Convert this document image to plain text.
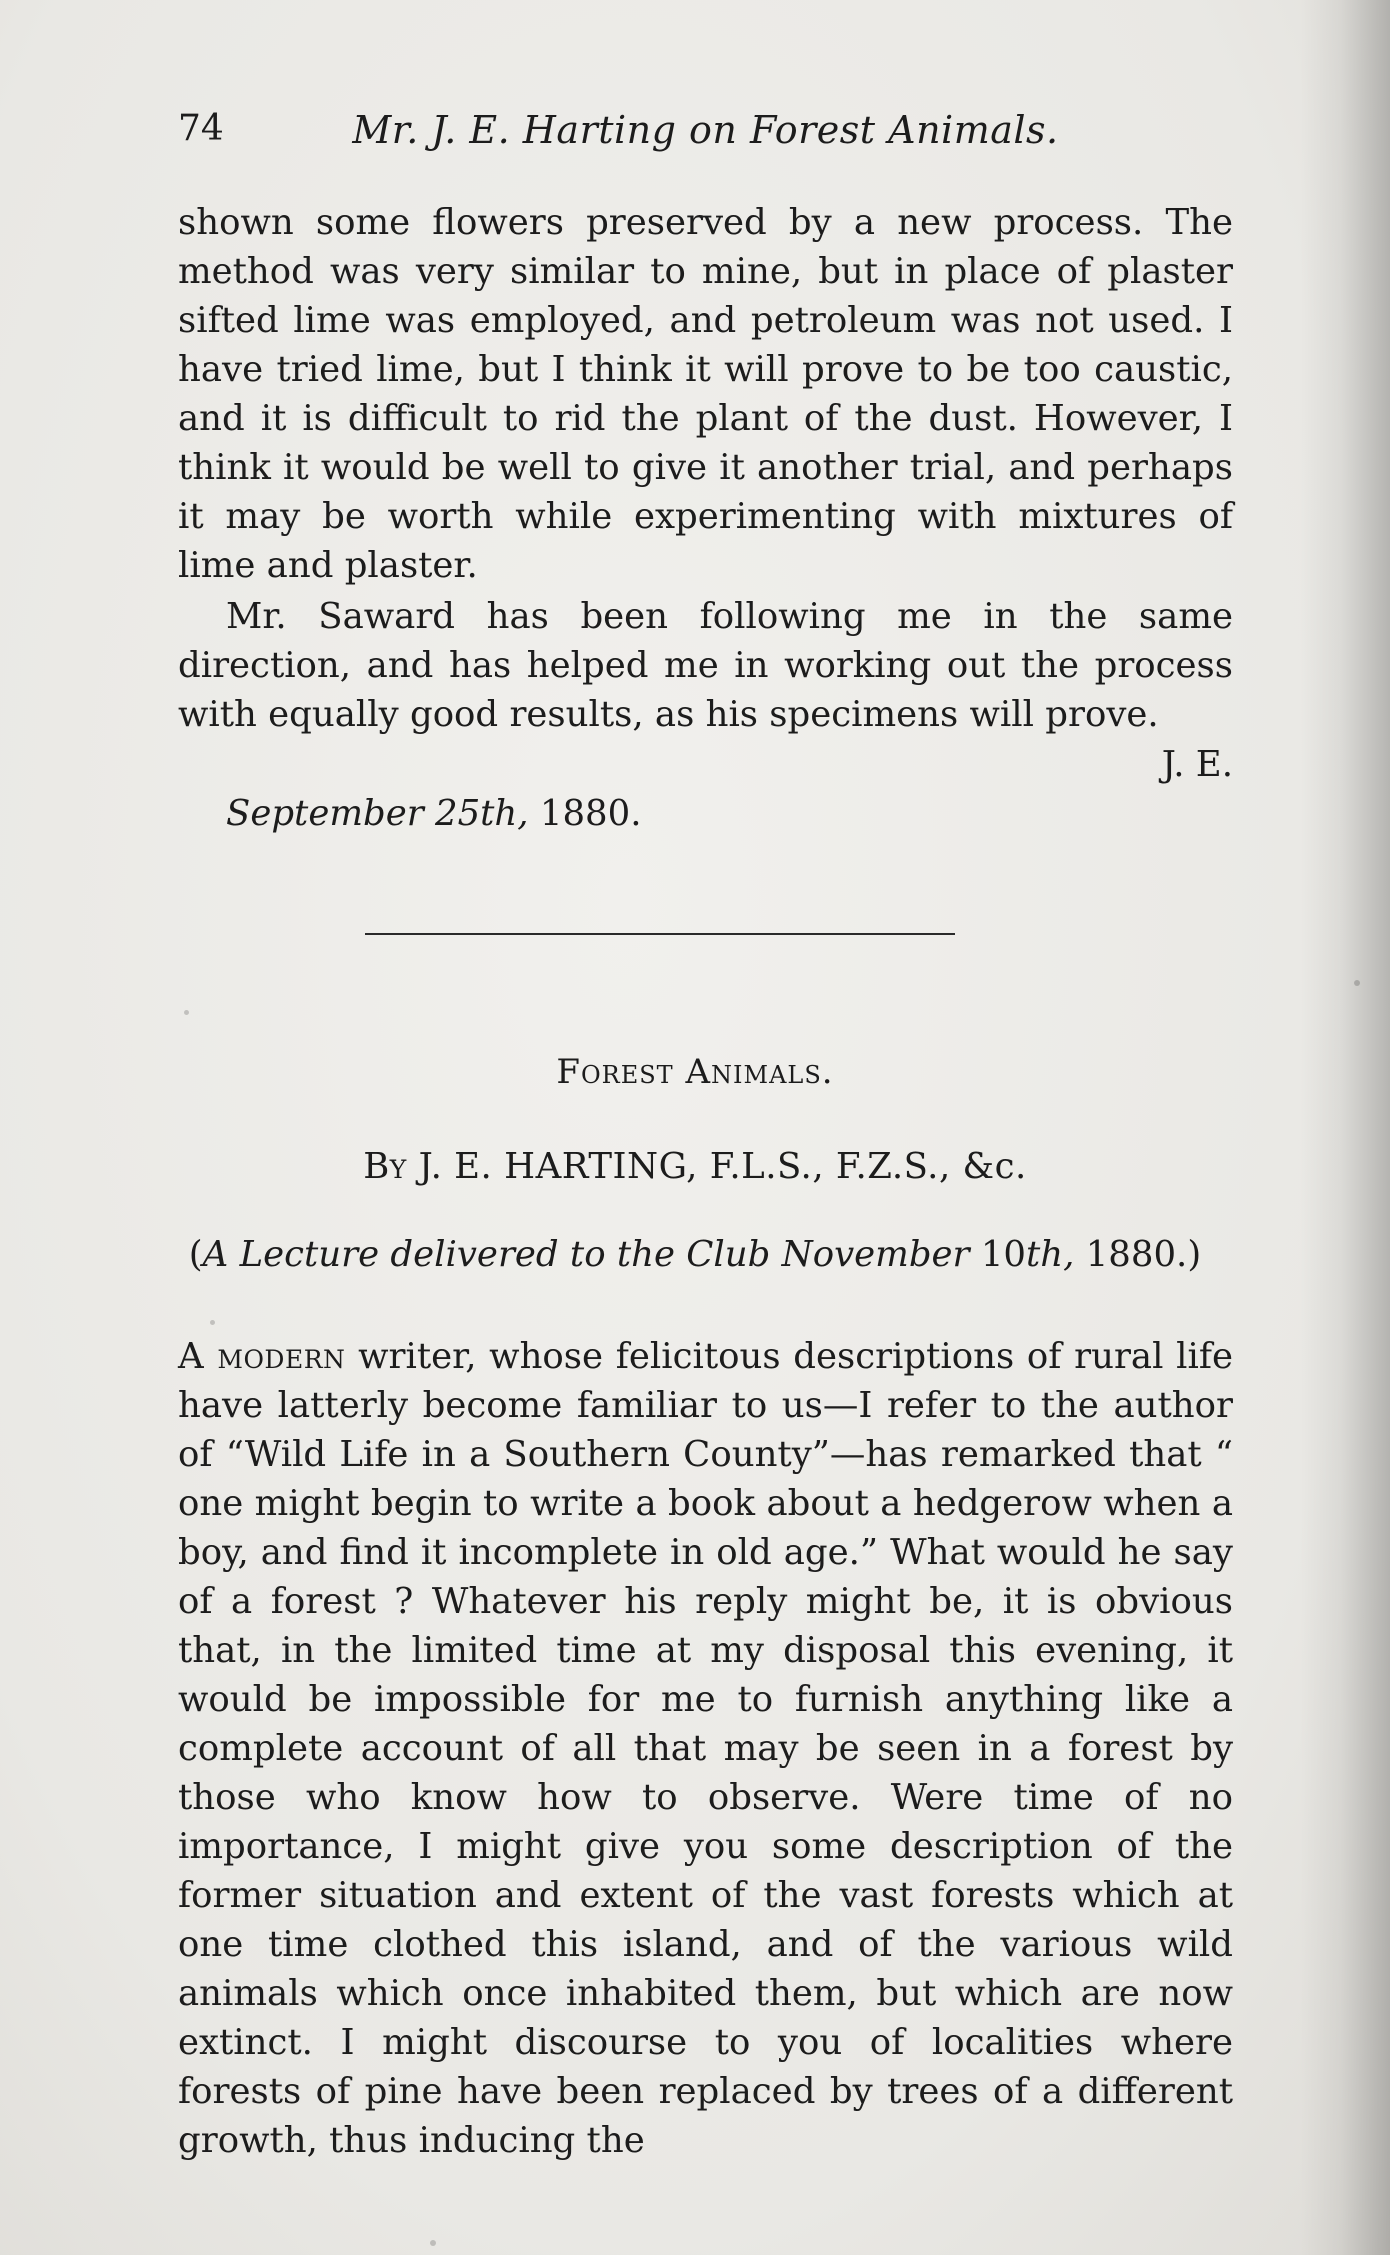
74	Mr. J. E. Harting on Forest Animals.

shown some flowers preserved by a new process. The method was very similar to mine, but in place of plaster sifted lime was employed, and petroleum was not used. I have tried lime, but I think it will prove to be too caustic, and it is difficult to rid the plant of the dust. However, I think it would be well to give it another trial, and perhaps it may be worth while experimenting with mixtures of lime and plaster.

Mr. Saward has been following me in the same direction, and has helped me in working out the process with equally good results, as his specimens will prove.

J. E.
September 25th, 1880.
Forest Animals.
By J. E. HARTING, F.L.S., F.Z.S., &c.
(A Lecture delivered to the Club November 10th, 1880.)

A modern writer, whose felicitous descriptions of rural life have latterly become familiar to us—I refer to the author of “Wild Life in a Southern County”—has remarked that “ one might begin to write a book about a hedgerow when a boy, and find it incomplete in old age.” What would he say of a forest ? Whatever his reply might be, it is obvious that, in the limited time at my disposal this evening, it would be impossible for me to furnish anything like a complete account of all that may be seen in a forest by those who know how to observe. Were time of no importance, I might give you some description of the former situation and extent of the vast forests which at one time clothed this island, and of the various wild animals which once inhabited them, but which are now extinct. I might discourse to you of localities where forests of pine have been replaced by trees of a different growth, thus inducing the
